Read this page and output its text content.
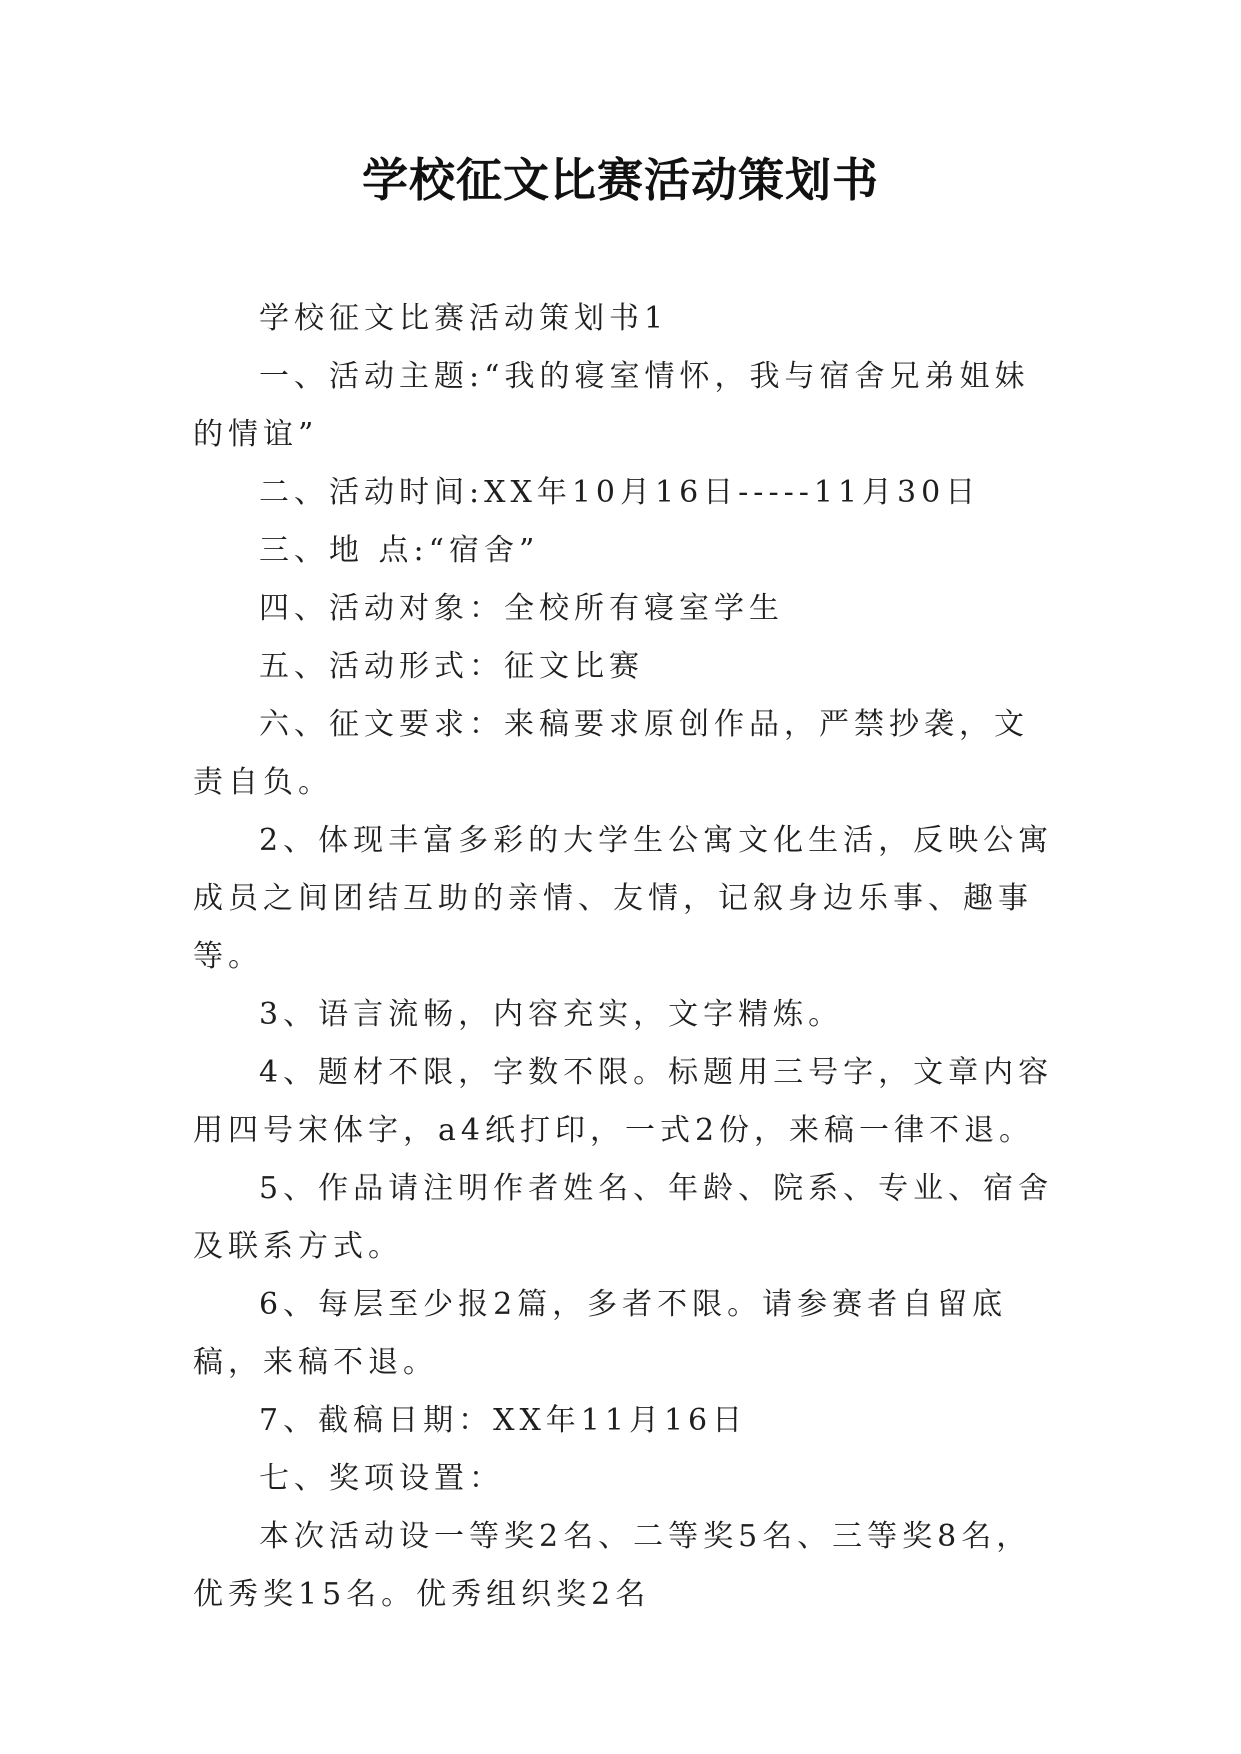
学校征文比赛活动策划书

学校征文比赛活动策划书1

一、活动主题:“我的寝室情怀，我与宿舍兄弟姐妹的情谊”

二、活动时间:XX年10月16日-----11月30日

三、地 点:“宿舍”

四、活动对象：全校所有寝室学生

五、活动形式：征文比赛

六、征文要求：来稿要求原创作品，严禁抄袭，文责自负。

2、体现丰富多彩的大学生公寓文化生活，反映公寓成员之间团结互助的亲情、友情，记叙身边乐事、趣事等。

3、语言流畅，内容充实，文字精炼。

4、题材不限，字数不限。标题用三号字，文章内容用四号宋体字，a4纸打印，一式2份，来稿一律不退。

5、作品请注明作者姓名、年龄、院系、专业、宿舍及联系方式。

6、每层至少报2篇，多者不限。请参赛者自留底稿，来稿不退。

7、截稿日期：XX年11月16日

七、奖项设置：

本次活动设一等奖2名、二等奖5名、三等奖8名，优秀奖15名。优秀组织奖2名
